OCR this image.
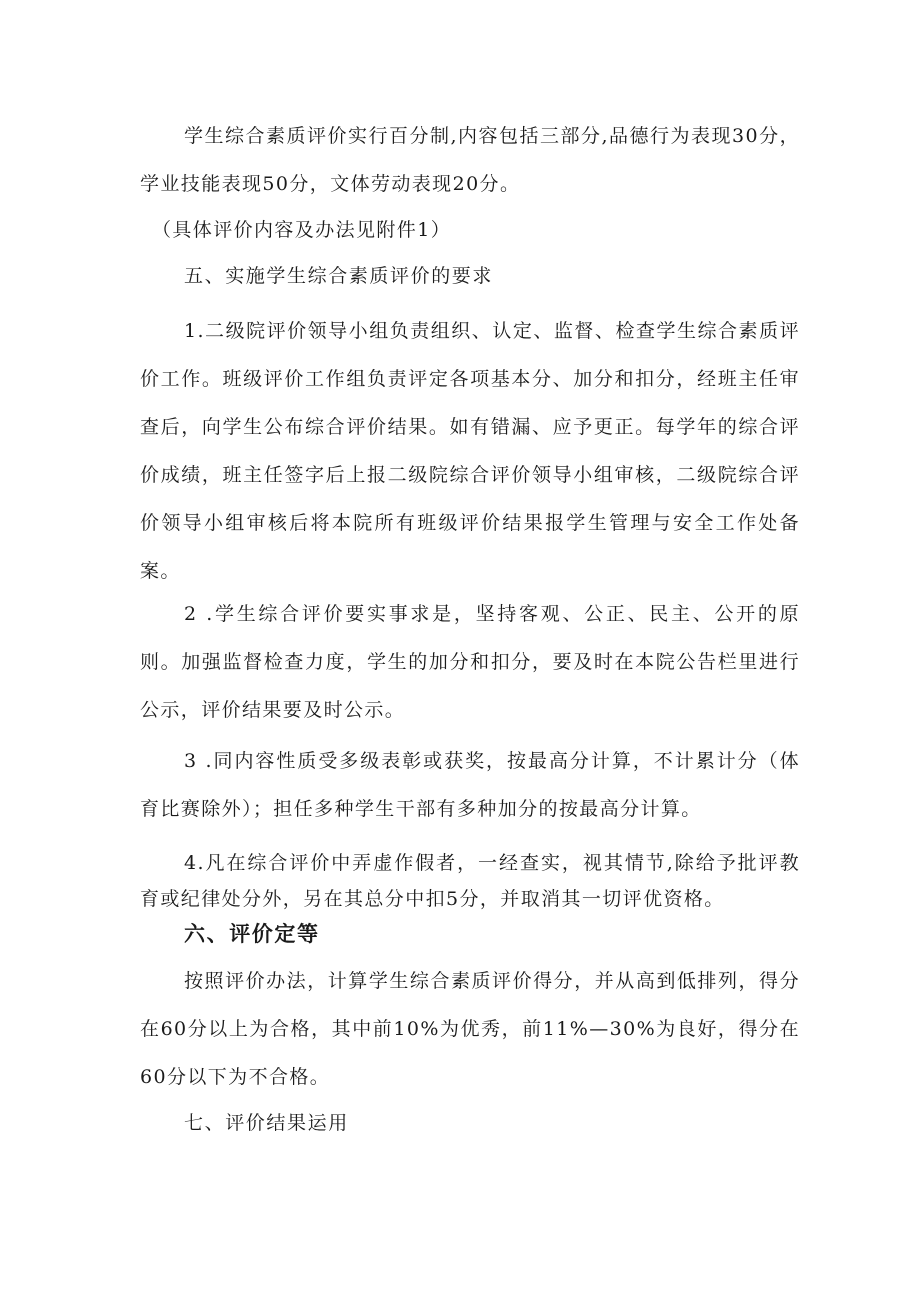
学生综合素质评价实行百分制,内容包括三部分,品德行为表现30分，学业技能表现50分，文体劳动表现20分。

（具体评价内容及办法见附件1）

五、实施学生综合素质评价的要求

1.二级院评价领导小组负责组织、认定、监督、检查学生综合素质评价工作。班级评价工作组负责评定各项基本分、加分和扣分，经班主任审查后，向学生公布综合评价结果。如有错漏、应予更正。每学年的综合评价成绩，班主任签字后上报二级院综合评价领导小组审核，二级院综合评价领导小组审核后将本院所有班级评价结果报学生管理与安全工作处备案。

2 .学生综合评价要实事求是，坚持客观、公正、民主、公开的原则。加强监督检查力度，学生的加分和扣分，要及时在本院公告栏里进行公示，评价结果要及时公示。

3 .同内容性质受多级表彰或获奖，按最高分计算，不计累计分（体育比赛除外）；担任多种学生干部有多种加分的按最高分计算。

4.凡在综合评价中弄虚作假者，一经查实，视其情节,除给予批评教育或纪律处分外，另在其总分中扣5分，并取消其一切评优资格。

六、评价定等

按照评价办法，计算学生综合素质评价得分，并从高到低排列，得分在60分以上为合格，其中前10%为优秀，前11%—30%为良好，得分在60分以下为不合格。

七、评价结果运用
